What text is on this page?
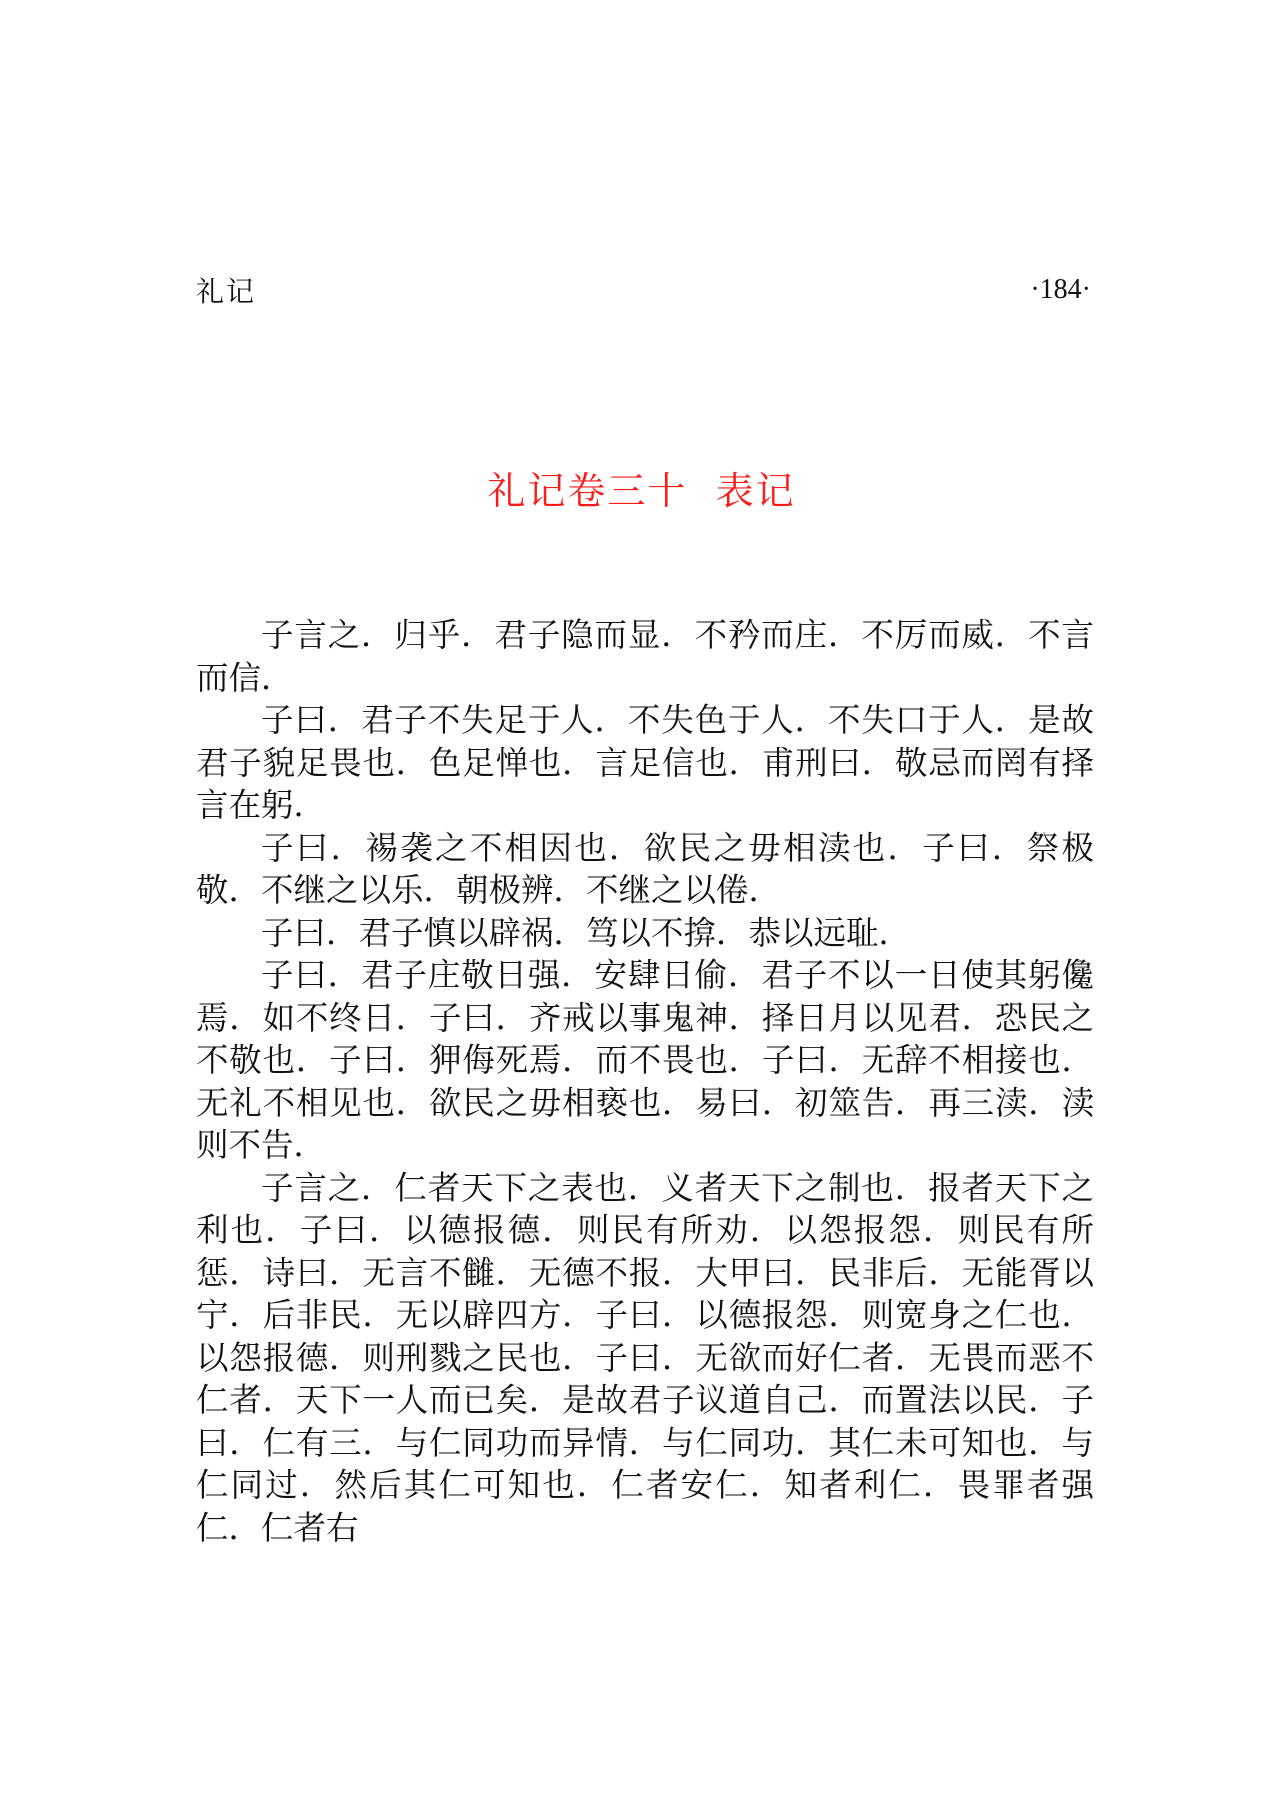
礼记	·184·
礼记卷三十  表记

子言之．归乎．君子隐而显．不矜而庄．不厉而威．不言而信．

子曰．君子不失足于人．不失色于人．不失口于人．是故君子貌足畏也．色足惮也．言足信也．甫刑曰．敬忌而罔有择言在躬．

子曰．裼袭之不相因也．欲民之毋相渎也．子曰．祭极敬．不继之以乐．朝极辨．不继之以倦．

子曰．君子慎以辟祸．笃以不揜．恭以远耻．

子曰．君子庄敬日强．安肆日偷．君子不以一日使其躬儳焉．如不终日．子曰．齐戒以事鬼神．择日月以见君．恐民之不敬也．子曰．狎侮死焉．而不畏也．子曰．无辞不相接也．无礼不相见也．欲民之毋相亵也．易曰．初筮告．再三渎．渎则不告．

子言之．仁者天下之表也．义者天下之制也．报者天下之利也．子曰．以德报德．则民有所劝．以怨报怨．则民有所惩．诗曰．无言不雠．无德不报．大甲曰．民非后．无能胥以宁．后非民．无以辟四方．子曰．以德报怨．则宽身之仁也．以怨报德．则刑戮之民也．子曰．无欲而好仁者．无畏而恶不仁者．天下一人而已矣．是故君子议道自己．而置法以民．子曰．仁有三．与仁同功而异情．与仁同功．其仁未可知也．与仁同过．然后其仁可知也．仁者安仁．知者利仁．畏罪者强仁．仁者右
